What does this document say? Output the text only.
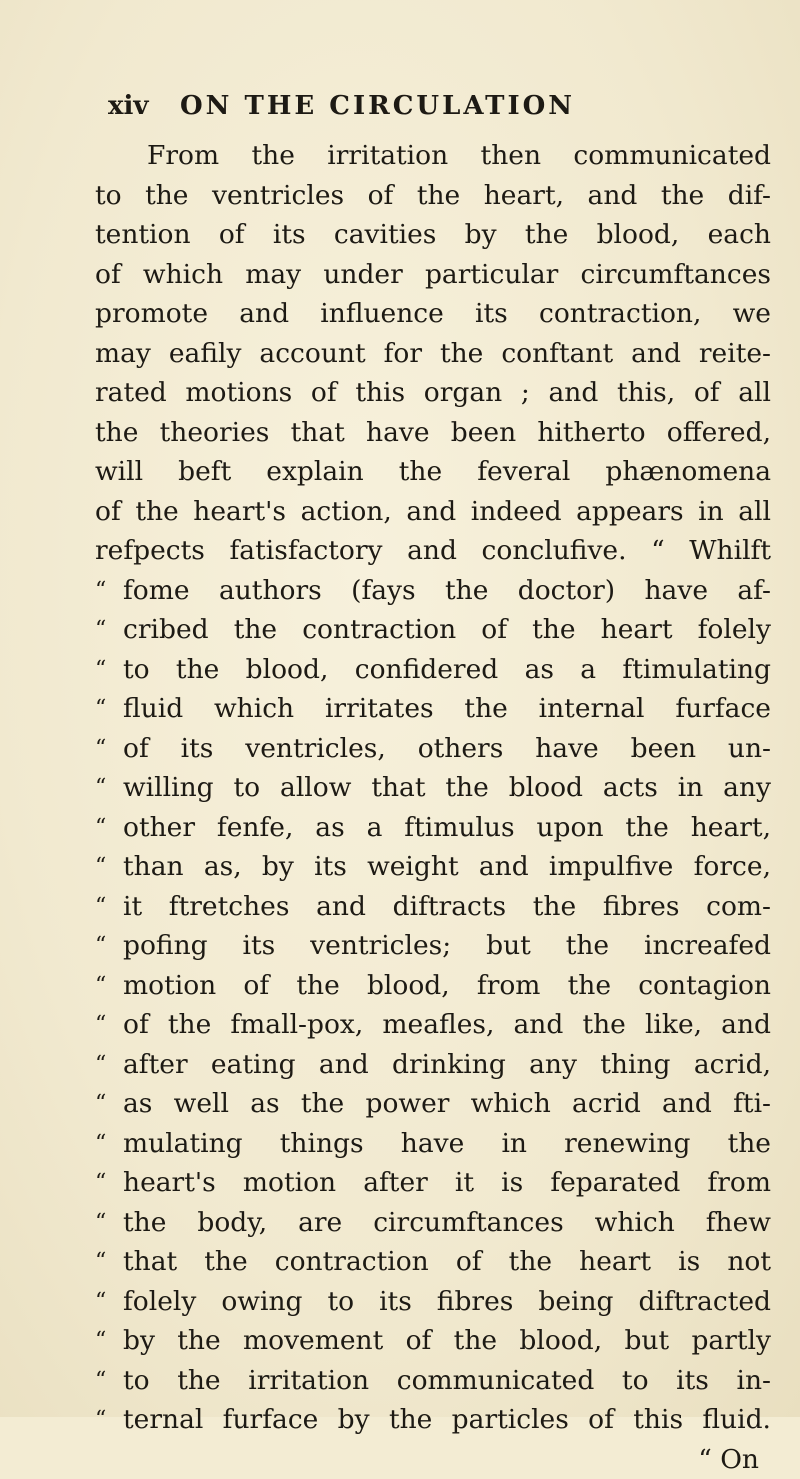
xiv ON THE CIRCULATION
From the irritation then communicated
to the ventricles of the heart, and the dif-
tention of its cavities by the blood, each
of which may under particular circumftances
promote and influence its contraction, we
may eafily account for the conftant and reite-
rated motions of this organ ; and this, of all
the theories that have been hitherto offered,
will beft explain the feveral phænomena
of the heart's action, and indeed appears in all
refpects fatisfactory and conclufive. “ Whilft
“ fome authors (fays the doctor) have af-
“ cribed the contraction of the heart folely
“ to the blood, confidered as a ftimulating
“ fluid which irritates the internal furface
“ of its ventricles, others have been un-
“ willing to allow that the blood acts in any
“ other fenfe, as a ftimulus upon the heart,
“ than as, by its weight and impulfive force,
“ it ftretches and diftracts the fibres com-
“ pofing its ventricles; but the increafed
“ motion of the blood, from the contagion
“ of the fmall-pox, meafles, and the like, and
“ after eating and drinking any thing acrid,
“ as well as the power which acrid and fti-
“ mulating things have in renewing the
“ heart's motion after it is feparated from
“ the body, are circumftances which fhew
“ that the contraction of the heart is not
“ folely owing to its fibres being diftracted
“ by the movement of the blood, but partly
“ to the irritation communicated to its in-
“ ternal furface by the particles of this fluid.
“ On
